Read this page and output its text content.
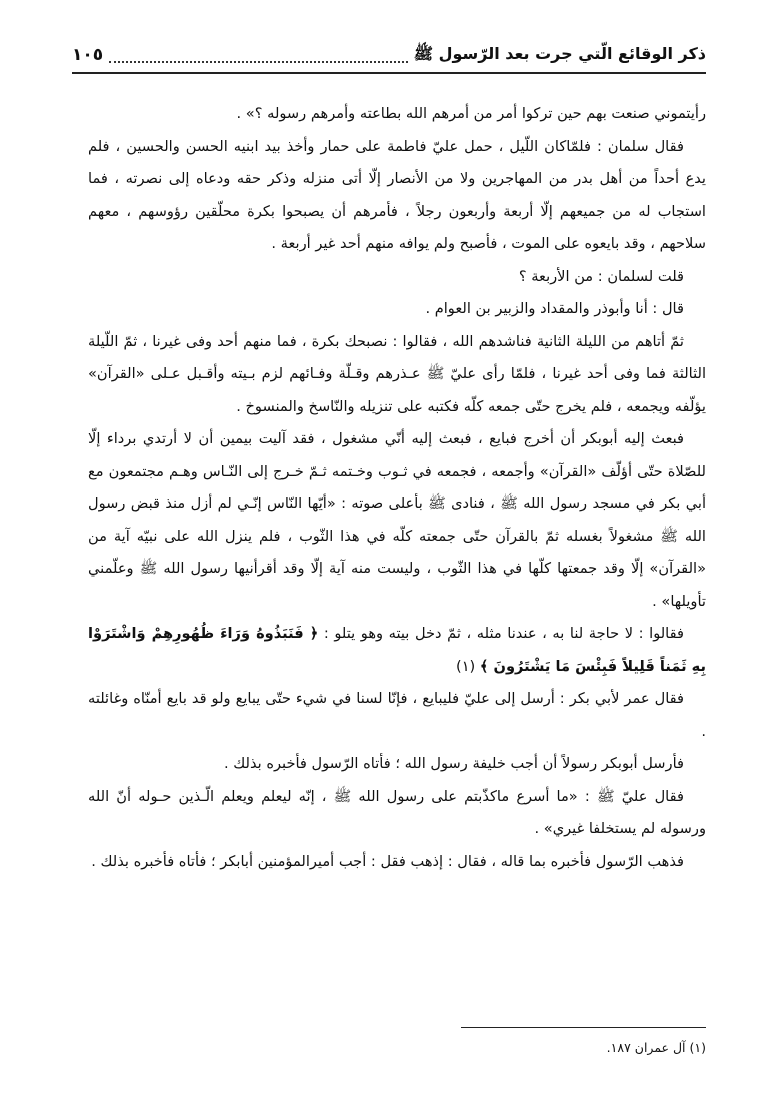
ذكر الوقائع الّتي جرت بعد الرّسول ﷺ
١٠٥

رأيتموني صنعت بهم حين تركوا أمر من أمرهم الله بطاعته وأمرهم رسوله ؟» .

فقال سلمان : فلمّاكان اللّيل ، حمل عليّ فاطمة على حمار وأخذ بيد ابنيه الحسن والحسين ، فلم يدع أحداً من أهل بدر من المهاجرين ولا من الأنصار إلّا أتى منزله وذكر حقه ودعاه إلى نصرته ، فما استجاب له من جميعهم إلّا أربعة وأربعون رجلاً ، فأمرهم أن يصبحوا بكرة محلّقين رؤوسهم ، معهم سلاحهم ، وقد بايعوه على الموت ، فأصبح ولم يوافه منهم أحد غير أربعة .

قلت لسلمان : من الأربعة ؟

قال : أنا وأبوذر والمقداد والزبير بن العوام .

ثمّ أتاهم من الليلة الثانية فناشدهم الله ، فقالوا : نصبحك بكرة ، فما منهم أحد وفى غيرنا ، ثمّ اللّيلة الثالثة فما وفى أحد غيرنا ، فلمّا رأى عليّ ﷺ عـذرهم وقـلّة وفـائهم لزم بـيته وأقـبل عـلى «القرآن» يؤلّفه ويجمعه ، فلم يخرج حتّى جمعه كلّه فكتبه على تنزيله والنّاسخ والمنسوخ .

فبعث إليه أبوبكر أن أخرج فبايع ، فبعث إليه أنّي مشغول ، فقد آليت بيمين أن لا أرتدي برداء إلّا للصّلاة حتّى أؤلّف «القرآن» وأجمعه ، فجمعه في ثـوب وخـتمه ثـمّ خـرج إلى النّـاس وهـم مجتمعون مع أبي بكر في مسجد رسول الله ﷺ ، فنادى ﷺ بأعلى صوته : «أيّها النّاس إنّـي لم أزل منذ قبض رسول الله ﷺ مشغولاً بغسله ثمّ بالقرآن حتّى جمعته كلّه في هذا الثّوب ، فلم ينزل الله على نبيّه آية من «القرآن» إلّا وقد جمعتها كلّها في هذا الثّوب ، وليست منه آية إلّا وقد أقرأنيها رسول الله ﷺ وعلّمني تأويلها» .

فقالوا : لا حاجة لنا به ، عندنا مثله ، ثمّ دخل بيته وهو يتلو : ﴿ فَنَبَذُوهُ وَرَاءَ ظُهُورِهِمْ وَاشْتَرَوْا بِهِ ثَمَناً قَلِيلاً فَبِئْسَ مَا يَشْتَرُونَ ﴾ (١)

فقال عمر لأبي بكر : أرسل إلى عليّ فليبايع ، فإنّا لسنا في شيء حتّى يبايع ولو قد بايع أمنّاه وغائلته .

فأرسل أبوبكر رسولاً أن أجب خليفة رسول الله ؛ فأتاه الرّسول فأخبره بذلك .

فقال عليّ ﷺ : «ما أسرع ماكذّبتم على رسول الله ﷺ ، إنّه ليعلم ويعلم الّـذين حـوله أنّ الله ورسوله لم يستخلفا غيري» .

فذهب الرّسول فأخبره بما قاله ، فقال : إذهب فقل : أجب أميرالمؤمنين أبابكر ؛ فأتاه فأخبره بذلك .

(١) آل عمران ١٨٧.
